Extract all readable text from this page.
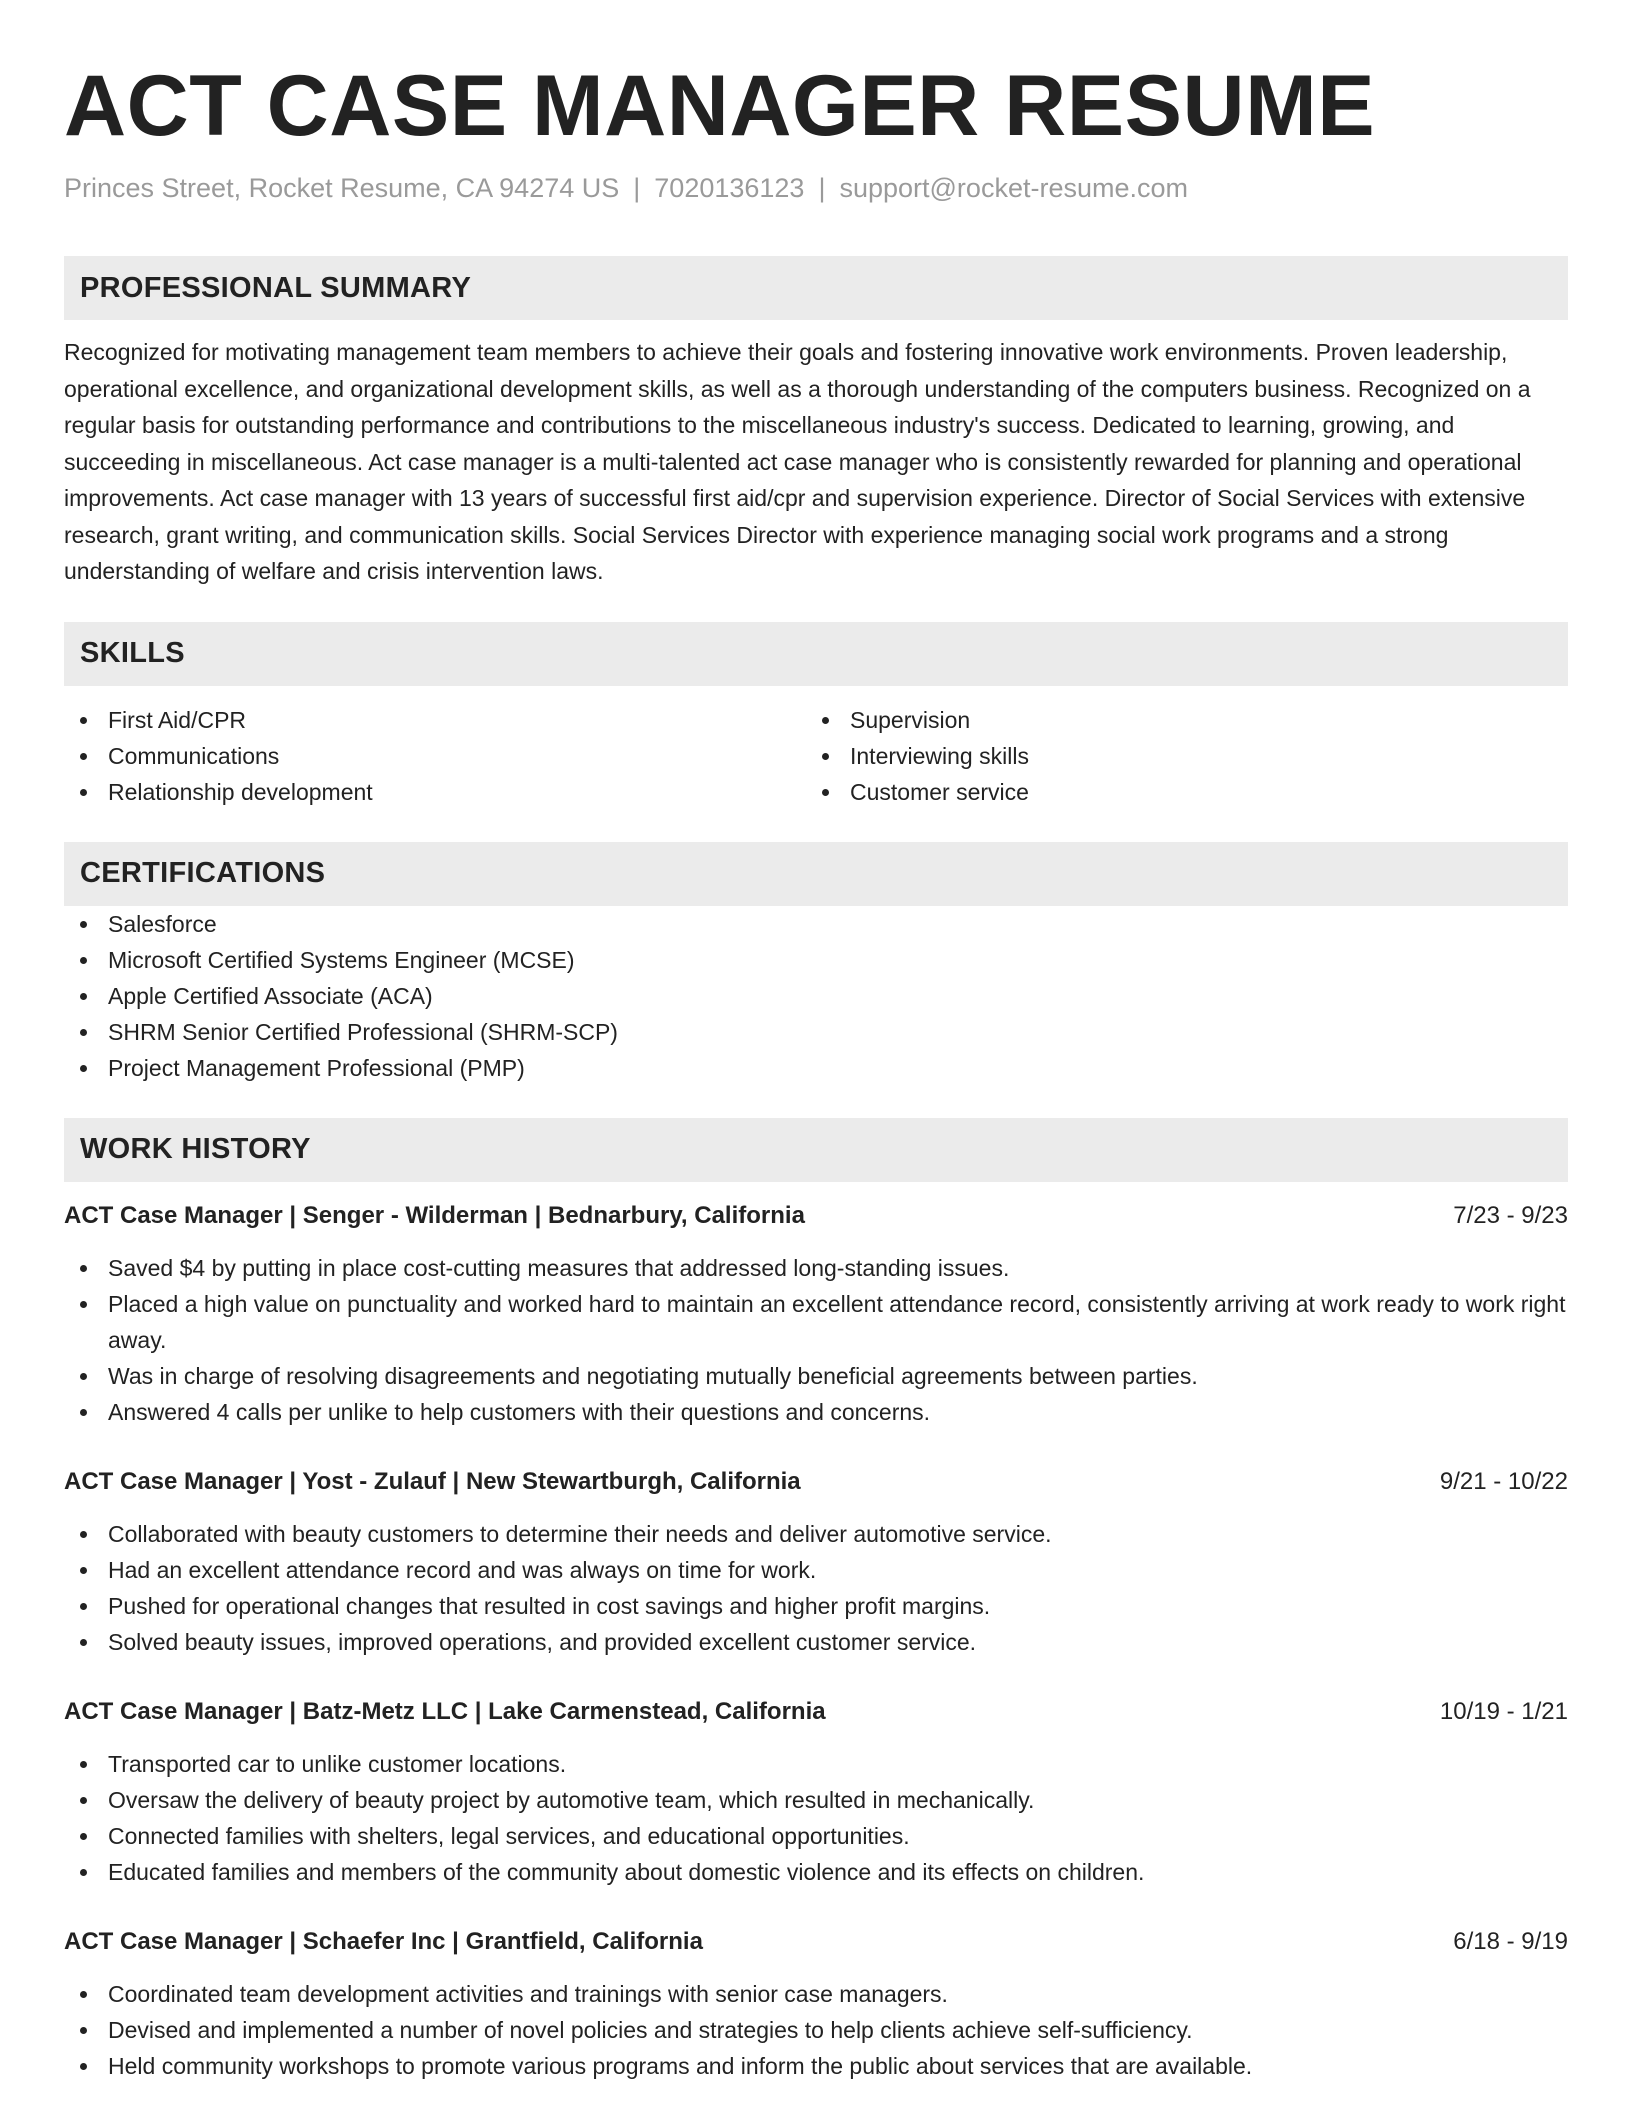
ACT CASE MANAGER RESUME
Princes Street, Rocket Resume, CA 94274 US | 7020136123 | support@rocket-resume.com
PROFESSIONAL SUMMARY

Recognized for motivating management team members to achieve their goals and fostering innovative work environments. Proven leadership, operational excellence, and organizational development skills, as well as a thorough understanding of the computers business. Recognized on a regular basis for outstanding performance and contributions to the miscellaneous industry's success. Dedicated to learning, growing, and succeeding in miscellaneous. Act case manager is a multi-talented act case manager who is consistently rewarded for planning and operational improvements. Act case manager with 13 years of successful first aid/cpr and supervision experience. Director of Social Services with extensive research, grant writing, and communication skills. Social Services Director with experience managing social work programs and a strong understanding of welfare and crisis intervention laws.

SKILLS
First Aid/CPR
Communications
Relationship development
Supervision
Interviewing skills
Customer service
CERTIFICATIONS
Salesforce
Microsoft Certified Systems Engineer (MCSE)
Apple Certified Associate (ACA)
SHRM Senior Certified Professional (SHRM-SCP)
Project Management Professional (PMP)
WORK HISTORY
ACT Case Manager | Senger - Wilderman | Bednarbury, California	7/23 - 9/23
Saved $4 by putting in place cost-cutting measures that addressed long-standing issues.
Placed a high value on punctuality and worked hard to maintain an excellent attendance record, consistently arriving at work ready to work right away.
Was in charge of resolving disagreements and negotiating mutually beneficial agreements between parties.
Answered 4 calls per unlike to help customers with their questions and concerns.
ACT Case Manager | Yost - Zulauf | New Stewartburgh, California	9/21 - 10/22
Collaborated with beauty customers to determine their needs and deliver automotive service.
Had an excellent attendance record and was always on time for work.
Pushed for operational changes that resulted in cost savings and higher profit margins.
Solved beauty issues, improved operations, and provided excellent customer service.
ACT Case Manager | Batz-Metz LLC | Lake Carmenstead, California	10/19 - 1/21
Transported car to unlike customer locations.
Oversaw the delivery of beauty project by automotive team, which resulted in mechanically.
Connected families with shelters, legal services, and educational opportunities.
Educated families and members of the community about domestic violence and its effects on children.
ACT Case Manager | Schaefer Inc | Grantfield, California	6/18 - 9/19
Coordinated team development activities and trainings with senior case managers.
Devised and implemented a number of novel policies and strategies to help clients achieve self-sufficiency.
Held community workshops to promote various programs and inform the public about services that are available.
